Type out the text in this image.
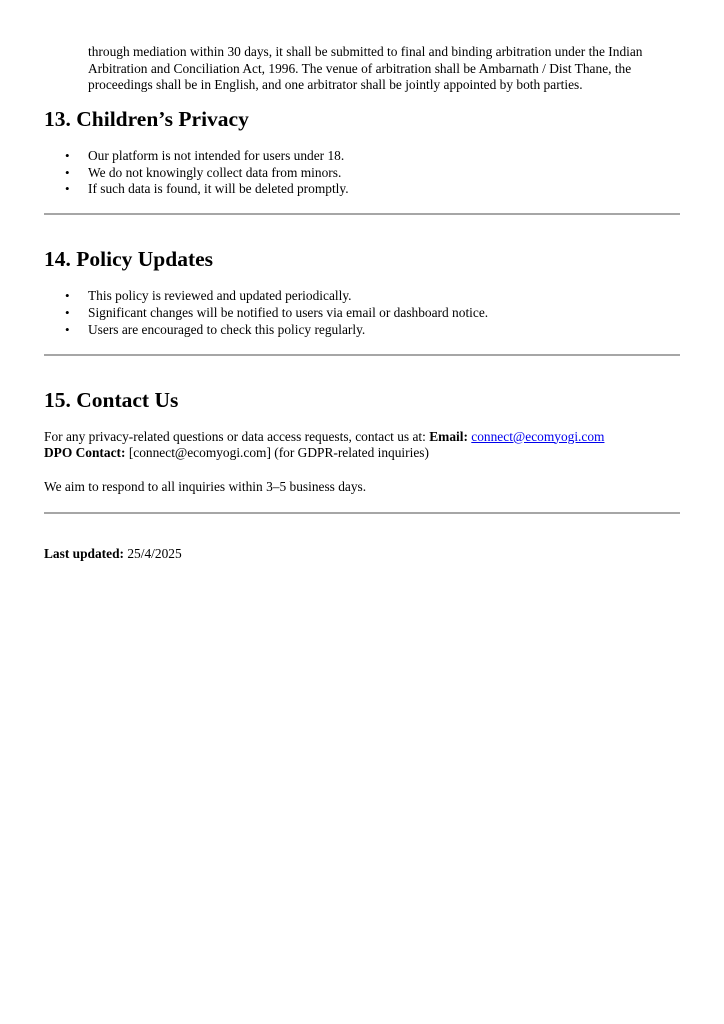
through mediation within 30 days, it shall be submitted to final and binding arbitration under the Indian Arbitration and Conciliation Act, 1996. The venue of arbitration shall be Ambarnath / Dist Thane, the proceedings shall be in English, and one arbitrator shall be jointly appointed by both parties.

13. Children’s Privacy
• Our platform is not intended for users under 18.
• We do not knowingly collect data from minors.
• If such data is found, it will be deleted promptly.
14. Policy Updates
• This policy is reviewed and updated periodically.
• Significant changes will be notified to users via email or dashboard notice.
• Users are encouraged to check this policy regularly.
15. Contact Us

For any privacy-related questions or data access requests, contact us at: Email: connect@ecomyogi.com
DPO Contact: [connect@ecomyogi.com] (for GDPR-related inquiries)

We aim to respond to all inquiries within 3–5 business days.

Last updated: 25/4/2025
